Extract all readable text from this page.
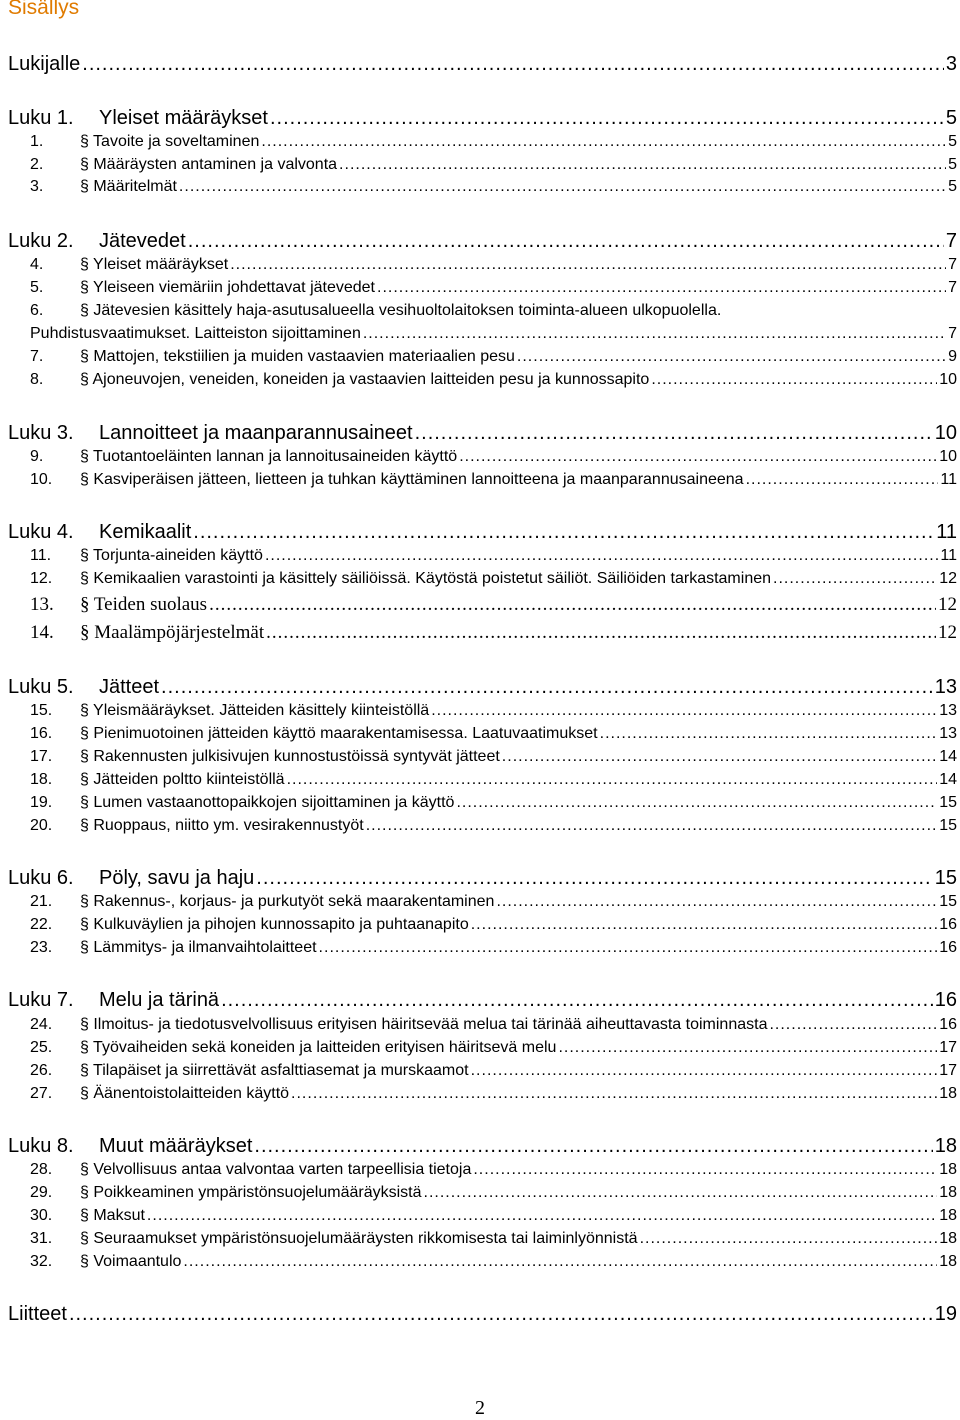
Sisällys
Lukijalle .....	3
Luku 1.	Yleiset määräykset .....	5
1.	§ Tavoite ja soveltaminen .....	5
2.	§ Määräysten antaminen ja valvonta .....	5
3.	§ Määritelmät .....	5
Luku 2.	Jätevedet .....	7
4.	§ Yleiset määräykset .....	7
5.	§ Yleiseen viemäriin johdettavat jätevedet .....	7
6.	§ Jätevesien käsittely haja-asutusalueella vesihuoltolaitoksen toiminta-alueen ulkopuolella.
Puhdistusvaatimukset. Laitteiston sijoittaminen .....	7
7.	§ Mattojen, tekstiilien ja muiden vastaavien materiaalien pesu .....	9
8.	§ Ajoneuvojen, veneiden, koneiden ja vastaavien laitteiden pesu ja kunnossapito .....	10
Luku 3.	Lannoitteet ja maanparannusaineet .....	10
9.	§ Tuotantoeläinten lannan ja lannoitusaineiden käyttö .....	10
10.	§ Kasviperäisen jätteen, lietteen ja tuhkan käyttäminen lannoitteena ja maanparannusaineena .....	11
Luku 4.	Kemikaalit .....	11
11.	§ Torjunta-aineiden käyttö .....	11
12.	§ Kemikaalien varastointi ja käsittely säiliöissä. Käytöstä poistetut säiliöt. Säiliöiden tarkastaminen .....	12
13.	§ Teiden suolaus .....	12
14.	§ Maalämpöjärjestelmät .....	12
Luku 5.	Jätteet .....	13
15.	§ Yleismääräykset. Jätteiden käsittely kiinteistöllä .....	13
16.	§ Pienimuotoinen jätteiden käyttö maarakentamisessa. Laatuvaatimukset .....	13
17.	§ Rakennusten julkisivujen kunnostustöissä syntyvät jätteet .....	14
18.	§ Jätteiden poltto kiinteistöllä .....	14
19.	§ Lumen vastaanottopaikkojen sijoittaminen ja käyttö .....	15
20.	§ Ruoppaus, niitto ym. vesirakennustyöt .....	15
Luku 6.	Pöly, savu ja haju .....	15
21.	§ Rakennus-, korjaus- ja purkutyöt sekä maarakentaminen .....	15
22.	§ Kulkuväylien ja pihojen kunnossapito ja puhtaanapito .....	16
23.	§ Lämmitys- ja ilmanvaihtolaitteet .....	16
Luku 7.	Melu ja tärinä .....	16
24.	§ Ilmoitus- ja tiedotusvelvollisuus erityisen häiritsevää melua tai tärinää aiheuttavasta toiminnasta .....	16
25.	§ Työvaiheiden sekä koneiden ja laitteiden erityisen häiritsevä melu .....	17
26.	§ Tilapäiset ja siirrettävät asfalttiasemat ja murskaamot .....	17
27.	§ Äänentoistolaitteiden käyttö .....	18
Luku 8.	Muut määräykset .....	18
28.	§ Velvollisuus antaa valvontaa varten tarpeellisia tietoja .....	18
29.	§ Poikkeaminen ympäristönsuojelumääräyksistä .....	18
30.	§ Maksut .....	18
31.	§ Seuraamukset ympäristönsuojelumääräysten rikkomisesta tai laiminlyönnistä .....	18
32.	§ Voimaantulo .....	18
Liitteet .....	19
2
